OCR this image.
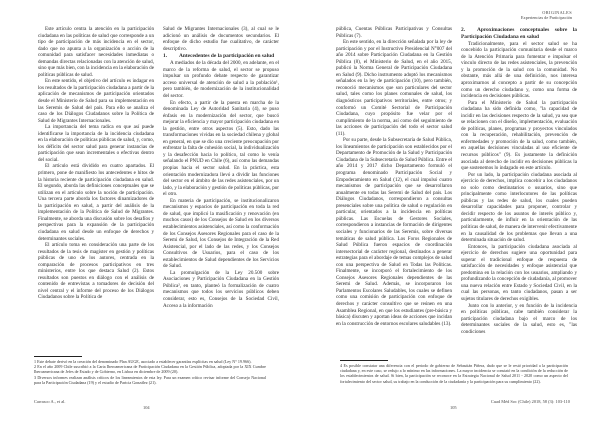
Este artículo centra la atención en la participación ciudadana en las políticas de salud que corresponde a un tipo de participación de más incidencia en el sector, dado que no apunta a la organización o acción de la comunidad para satisfacer necesidades inmediatas o demandas directas relacionadas con la atención de salud, sino que más bien, con la incidencia en la elaboración de políticas públicas de salud.

En este sentido, el objetivo del artículo es indagar en los resultados de la participación ciudadana a partir de la aplicación de mecanismos de participación orientados desde el Ministerio de Salud para su implementación en las Seremis de Salud del país. Para ello se analiza el caso de los Diálogos Ciudadanos sobre la Política de Salud de Migrantes Internacionales.

La importancia del tema radica en que así puede identificarse la importancia de la incidencia ciudadana en la elaboración de políticas públicas de salud, y, como, los déficits del sector salud para generar instancias de participación que sean incrementales o efectivas dentro del social.

El artículo está dividido en cuatro apartados. El primero, pone de manifiesto los antecedentes e hitos de la historia reciente de participación ciudadana en salud. El segundo, aborda las definiciones conceptuales que se utilizan en el artículo sobre la noción de participación. Una tercera parte aborda los factores dinamizadores de la participación en salud, a partir del análisis de la implementación de la Política de Salud de Migrantes. Finalmente, se aborda una discusión sobre los desafíos y perspectivas para la expansión de la participación ciudadana en salud desde un enfoque de derechos y determinantes sociales.

El artículo toma en consideración una parte de los resultados de la tesis de magíster en gestión y políticas públicas de uno de los autores, centrada en la comparación de procesos participativos en tres ministerios, entre los que destaca Salud (2). Estos resultados son puestos en diálogo con el análisis de contenido de entrevistas a tomadores de decisión del nivel central y el informe del proceso de los Diálogos Ciudadanos sobre la Política de

Salud de Migrantes Internacionales (3), al cual se le adicionó un análisis de documentos secundarios. El enfoque de dicho estudio fue cualitativo, de carácter descriptivo.

1. Antecedentes de la participación en salud

A mediados de la década del 2000, en adelante, en el marco de la reforma de salud, el sector se propuso impulsar un profundo debate respecto de garantizar acceso universal de atención de salud a la población¹, pero también, de modernización de la institucionalidad del sector.

En efecto, a partir de la puesta en marcha de la denominada Ley de Autoridad Sanitaria (4), se puso énfasis en la modernización del sector, que buscó mejorar la eficiencia y mayor participación ciudadana en la gestión, entre otros aspectos (5). Esto, dado las transformaciones vividas en la sociedad chilena y global en general, en que se dio una creciente preocupación por enfrentar la falta de cohesión social, la individualización y la desafección hacia lo político, tal como lo venía señalando el PNUD en Chile (6), así como las demandas propias hacia el sector salud. En la práctica, esta orientación modernizadora llevó a dividir las funciones del sector en el ámbito de las redes asistenciales, por un lado, y la elaboración y gestión de políticas públicas, por el otro.

En materia de participación, se institucionalizaron mecanismos y espacios de participación en toda la red de salud, que implicó la masificación y renovación (en muchos casos) de los Consejos de Salud en los diversos establecimientos asistenciales, así como la conformación de los Consejos Asesores Regionales para el caso de la Seremi de Salud, los Consejos de Integración de la Red Asistencial, por el lado de las redes, y los Consejos Consultivos de Usuarios, para el caso de los establecimientos de Salud dependientes de los Servicios de Salud.

La promulgación de la Ley 20.500 sobre Asociaciones y Participación Ciudadana en la Gestión Pública², en tanto, planteó la formalización de cuatro mecanismos que todos los servicios públicos deben considerar, esto es, Consejos de la Sociedad Civil, Acceso a la información

1 Este debate derivó en la creación del denominado Plan AUGE, asociado a establecer garantías explícitas en salud (Ley N° 19.966).
2 En el año 2009 Chile suscribió a la Carta Iberoamericana de Participación Ciudadana en la Gestión Pública, adoptada por la XIX Cumbre Iberoamericana de Jefes de Estado y de Gobierno, en Lisboa en diciembre de 2009 (20).
3 Diversos informes realizan análisis críticos de los lineamientos de esta ley. Para un examen crítico revisar informe del Consejo Nacional para la Participación Ciudadana (19) y el estudio de Paricia González (21).
Carrasco A., et al.
104
ORIGINALES
Experiencias de Participación

pública, Cuentas Públicas Participativas y Consultas Públicas (7).

En este sentido, en la dirección señalada por la ley de participación y por el Instructivo Presidencial N°007 del año 2014 sobre Participación Ciudadana en la Gestión Pública (8), el Ministerio de Salud, en el año 2015, publicó la Norma General de Participación Ciudadana en Salud (9). Dicho instrumento adoptó los mecanismos señalados en la ley de participación (10), pero también, reconoció mecanismos que son particulares del sector salud, tales como los planes comunales de salud, los diagnósticos participativos territoriales, entre otros; y conformó un Comité Sectorial de Participación Ciudadana, cuyo propósito fue velar por el cumplimiento de la norma, así como del seguimiento de las acciones de participación del todo el sector salud (11).

Por su parte, desde la Subsecretaría de Salud Pública, los lineamientos de participación son establecidos por el Departamento de Promoción de la Salud y Participación Ciudadana de la Subsecretaría de Salud Pública. Entre el año 2014 y 2017 dicho Departamento formuló el programa denominado Participación Social y Empoderamiento en Salud (12), el cual impulsó cuatro mecanismos de participación que se desarrollaron anualmente en todas las Seremi de Salud del país. Los Diálogos Ciudadanos, correspondieron a consultas presenciales sobre una política de salud o regulación en particular, orientados a la incidencia en políticas públicas. Las Escuelas de Gestores Sociales, correspondieron a instancias de formación de dirigentes sociales y funcionarios de las Seremis, sobre diversas temáticas de salud pública. Los Foros Regionales de Salud Pública fueron espacios de coordinación intersectorial de carácter regional, destinados a generar estrategias para el abordaje de temas complejos de salud con una perspectiva de Salud en Todas las Políticas. Finalmente, se incorporó el fortalecimiento de los Consejos Asesores Regionales dependientes de las Seremi de Salud. Además, se incorporaron los Parlamentos Escolares Saludables, los cuales se definen como una comisión de participación con enfoque de derechos y carácter consultivo que se reúnen en una Asamblea Regional, en que los estudiantes (pre-básica y básica) discuten y aportan ideas de acciones que incidan en la construcción de entornos escolares saludables (13).

2. Aproximaciones conceptuales sobre la Participación Ciudadana en salud

Tradicionalmente, para el sector salud se ha concebido la participación comunitaria desde el marco de la Atención Primaria para fomentar e impulsar el vínculo directo de las redes asistenciales, la prevención y la promoción de la salud con la comunidad. No obstante, más allá de una definición, nos interesa aproximarnos al concepto a partir de su concepción como un derecho ciudadano y, como una forma de incidencia en decisiones públicas.

Para el Ministerio de Salud la participación ciudadana ha sido definida como, "la capacidad de incidir en las decisiones respecto de la salud, ya sea que se relacionen con el diseño, implementación, evaluación de políticas, planes, programas y proyectos vinculados con la recuperación, rehabilitación, prevención de enfermedades y promoción de la salud, como también, en aquellas decisiones vinculadas al uso eficiente de recursos públicos" (9). Es justamente la definición asociada al derecho de incidir en decisiones públicas la que sostenemos lo indagado en este artículo.

Por un lado, la participación ciudadana asociada al ejercicio de derechos, implica concebir a los ciudadanos no solo como destinatarios o usuarios, sino que principalmente como interlocutores de las políticas públicas y las redes de salud, los cuales pueden desarrollar capacidades para proponer, controlar y decidir respecto de los asuntos de interés público y, particularmente, de influir en la orientación de las políticas de salud, de manera de intervenir efectivamente en la causalidad de los problemas que llevan a una determinada situación de salud.

Entonces, la participación ciudadana asociada al ejercicio de derechos sugiere una oportunidad para superar el tradicional enfoque de respuesta de satisfacción de necesidades y enfoque asistencial que predomina en la relación con los usuarios, ampliando y profundizando la concepción de ciudadanía, al promover una nueva relación entre Estado y Sociedad Civil, en la cual las personas, en tanto ciudadanos, pasan a ser sujetos titulares de derechos exigibles.

Junto con lo anterior, y en función de la incidencia en políticas públicas, cabe también considerar la participación ciudadana bajo el marco de los determinantes sociales de la salud, esto es, "las condiciones

4 Es posible constatar una diferencia con el periodo de gobierno de Sebastián Piñera, dado que se le restó prioridad a la participación ciudadana y, en este caso, se redujo a lo mínimo en las informaciones. La mayor incidencia se constató en la condición de la reducción de los establecimientos de salud. Si bien, la participación se reconoce en la Estrategia Nacional de Salud 2011 - 2020 como un aspecto del fortalecimiento del sector salud, su trabajo en la conducción de la ciudadanía y la participación para su cumplimiento (22).
105
Cuad Méd Soc (Chile) 2018, 58 (3): 103-110
